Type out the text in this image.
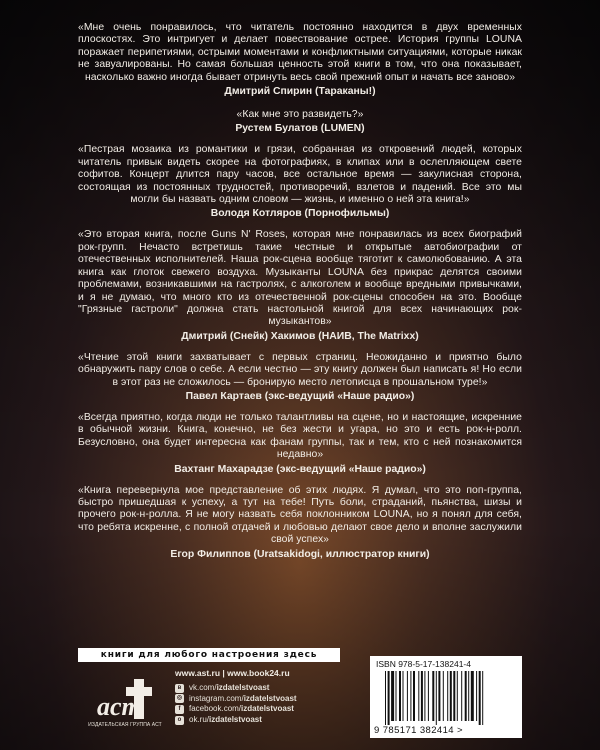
«Мне очень понравилось, что читатель постоянно находится в двух временных плоскостях. Это интригует и делает повествование острее. История группы LOUNA поражает перипетиями, острыми моментами и конфликтными ситуациями, которые никак не завуалированы. Но самая большая ценность этой книги в том, что она показывает, насколько важно иногда бывает отринуть весь свой прежний опыт и начать все заново»
Дмитрий Спирин (Тараканы!)
«Как мне это развидеть?»
Рустем Булатов (LUMEN)
«Пестрая мозаика из романтики и грязи, собранная из откровений людей, которых читатель привык видеть скорее на фотографиях, в клипах или в ослепляющем свете софитов. Концерт длится пару часов, все остальное время — закулисная сторона, состоящая из постоянных трудностей, противоречий, взлетов и падений. Все это мы могли бы назвать одним словом — жизнь, и именно о ней эта книга!»
Володя Котляров (Порнофильмы)
«Это вторая книга, после Guns N' Roses, которая мне понравилась из всех биографий рок-групп. Нечасто встретишь такие честные и открытые автобиографии от отечественных исполнителей. Наша рок-сцена вообще тяготит к самолюбованию. А эта книга как глоток свежего воздуха. Музыканты LOUNA без прикрас делятся своими проблемами, возникавшими на гастролях, с алкоголем и вообще вредными привычками, и я не думаю, что много кто из отечественной рок-сцены способен на это. Вообще "Грязные гастроли" должна стать настольной книгой для всех начинающих рок-музыкантов»
Дмитрий (Снейк) Хакимов (НАИВ, The Matrixx)
«Чтение этой книги захватывает с первых страниц. Неожиданно и приятно было обнаружить пару слов о себе. А если честно — эту книгу должен был написать я! Но если в этот раз не сложилось — бронирую место летописца в прошальном туре!»
Павел Картаев (экс-ведущий «Наше радио»)
«Всегда приятно, когда люди не только талантливы на сцене, но и настоящие, искренние в обычной жизни. Книга, конечно, не без жести и угара, но это и есть рок-н-ролл. Безусловно, она будет интересна как фанам группы, так и тем, кто с ней познакомится недавно»
Вахтанг Махарадзе (экс-ведущий «Наше радио»)
«Книга перевернула мое представление об этих людях. Я думал, что это поп-группа, быстро пришедшая к успеху, а тут на тебе! Путь боли, страданий, пьянства, шизы и прочего рок-н-ролла. Я не могу назвать себя поклонником LOUNA, но я понял для себя, что ребята искренне, с полной отдачей и любовью делают свое дело и вполне заслужили свой успех»
Егор Филиппов (Uratsakidogi, иллюстратор книги)
книги для любого настроения здесь
аст
ИЗДАТЕЛЬСКАЯ ГРУППА АСТ
www.ast.ru | www.book24.ru
в vk.com/ izdatelstvoast
◎ instagram.com/ izdatelstvoast
f	facebook.com/ izdatelstvoast
o ok.ru/ izdatelstvoast
ISBN 978-5-17-138241-4
9 785171 382414 >
